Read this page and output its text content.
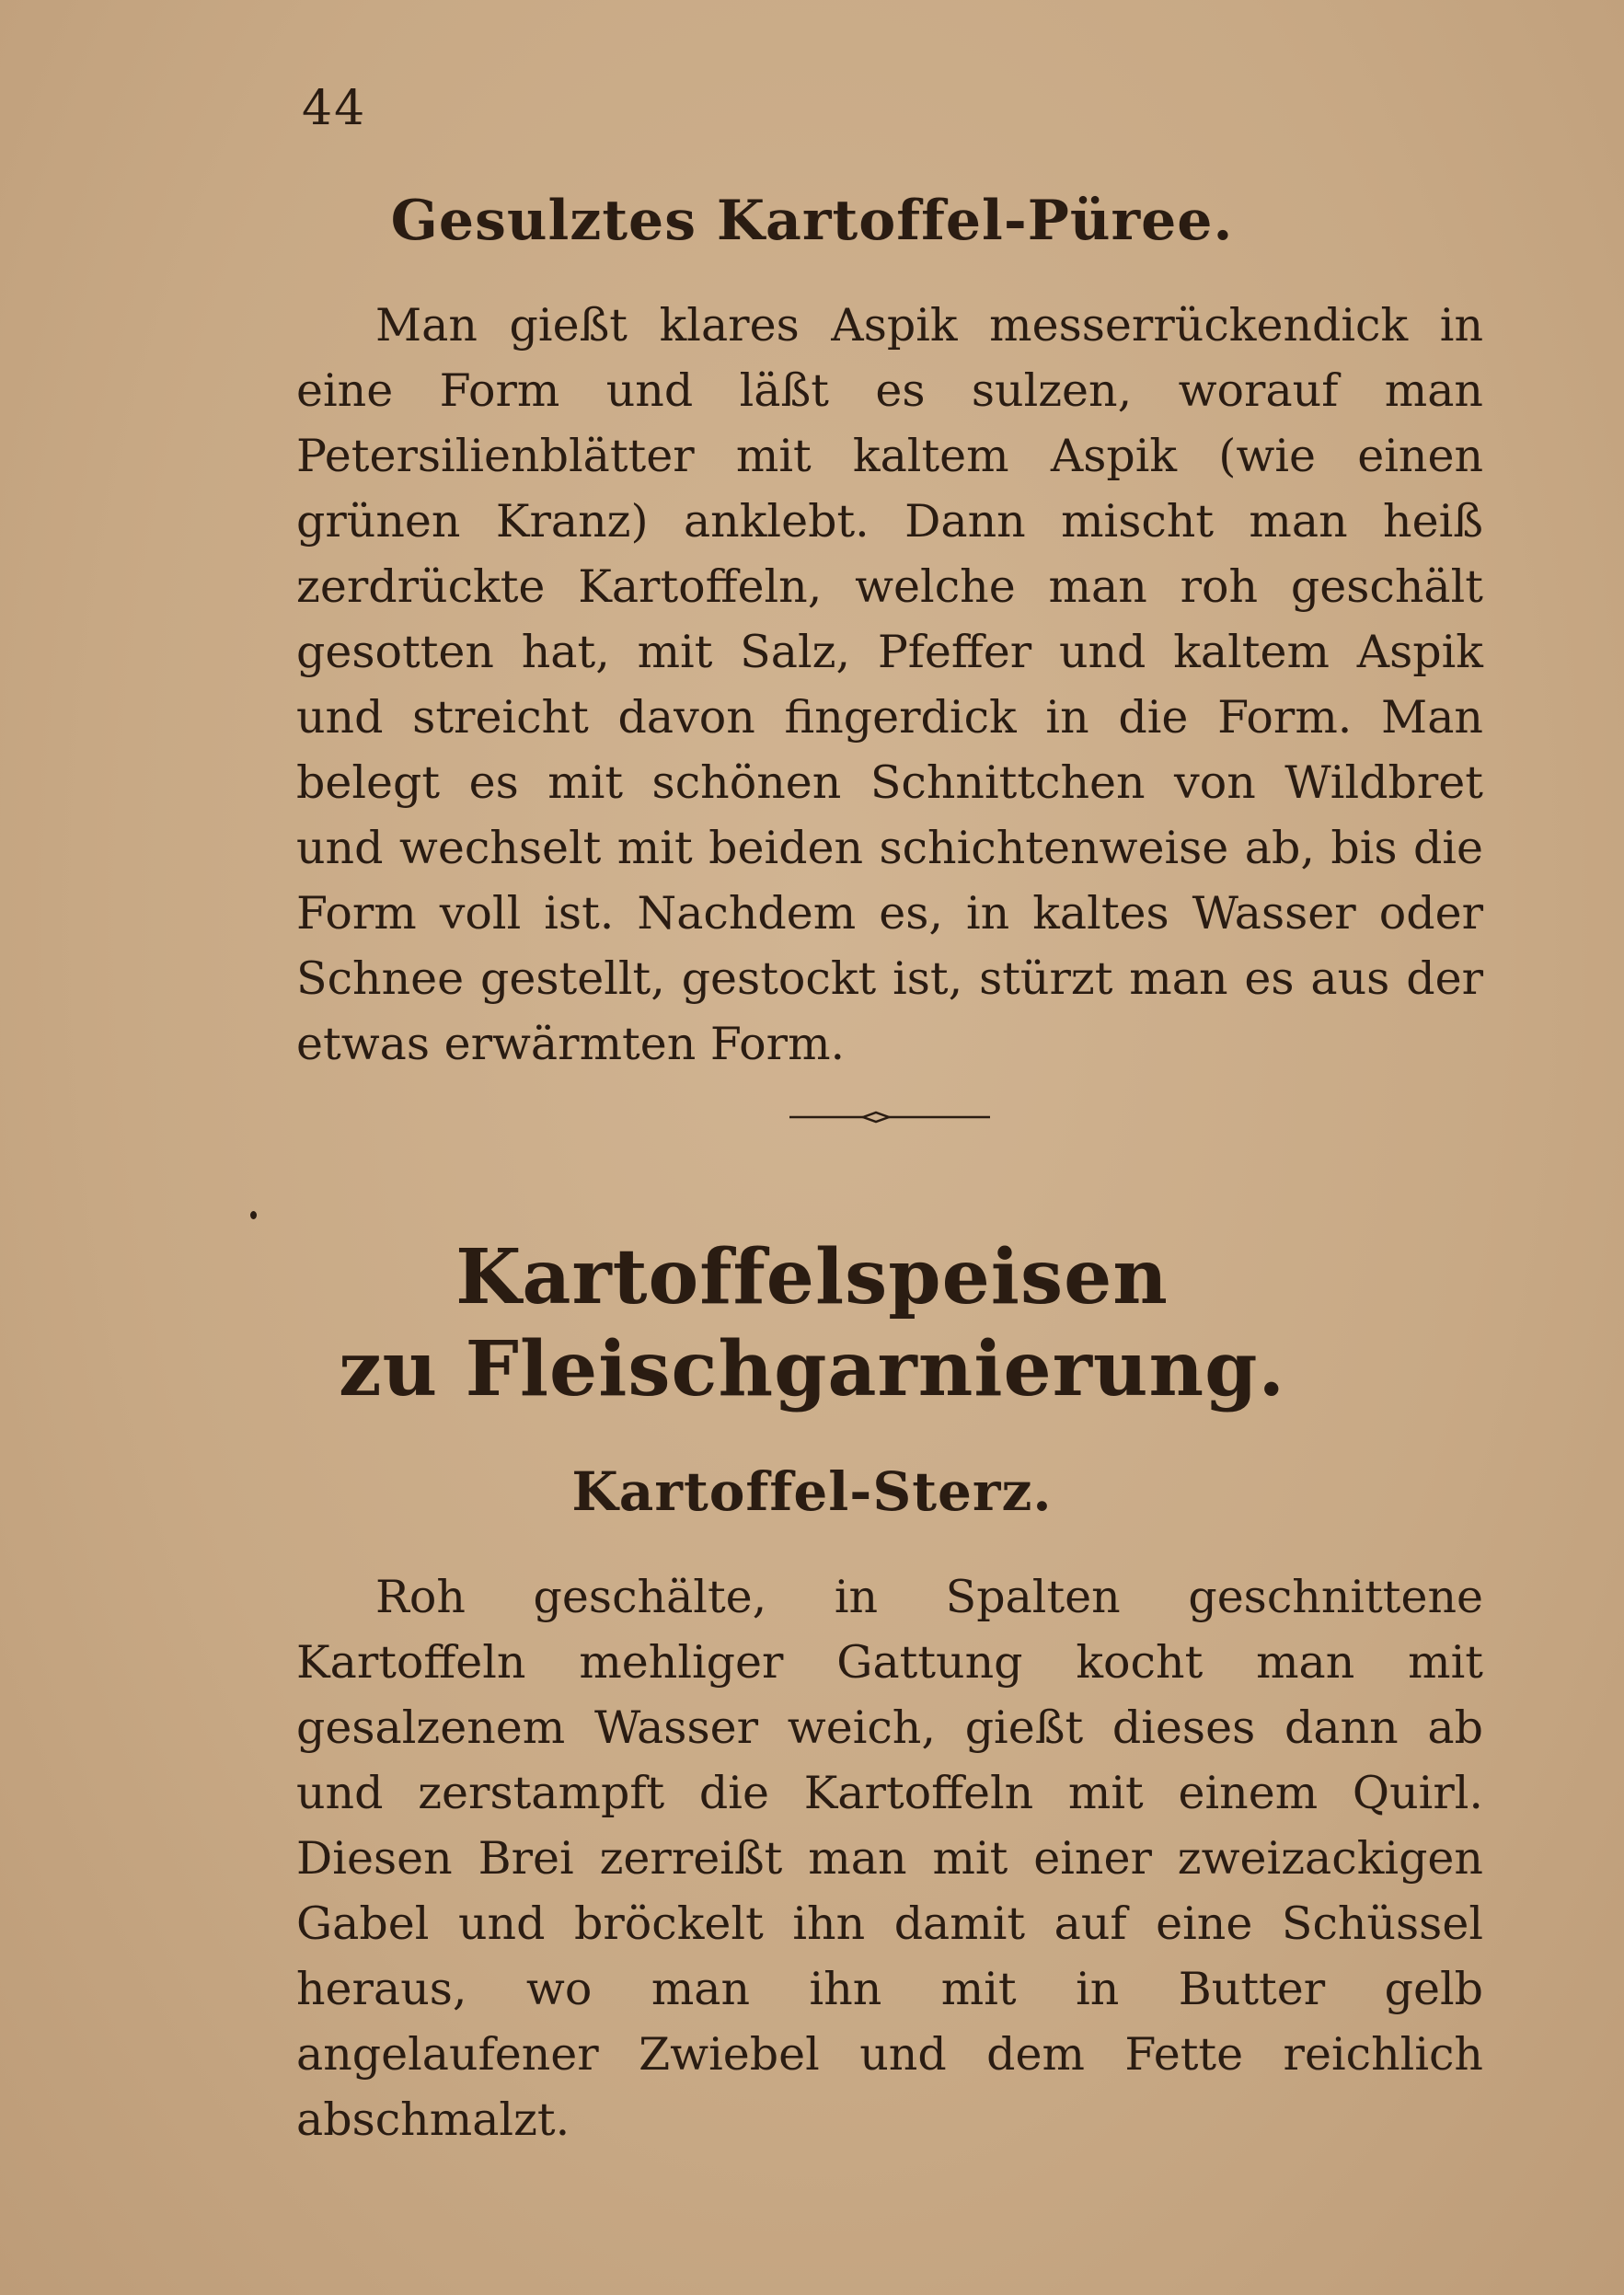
44
Gesulztes Kartoffel-Püree.
Man gießt klares Aspik messerrückendick in eine Form und läßt es sulzen, worauf man Petersilienblätter mit kaltem Aspik (wie einen grünen Kranz) anklebt. Dann mischt man heiß zerdrückte Kartoffeln, welche man roh geschält gesotten hat, mit Salz, Pfeffer und kaltem Aspik und streicht davon fingerdick in die Form. Man belegt es mit schönen Schnittchen von Wildbret und wechselt mit beiden schichtenweise ab, bis die Form voll ist. Nachdem es, in kaltes Wasser oder Schnee gestellt, gestockt ist, stürzt man es aus der etwas erwärmten Form.
Kartoffelspeisen
zu Fleischgarnierung.
Kartoffel-Sterz.
Roh geschälte, in Spalten geschnittene Kartoffeln mehliger Gattung kocht man mit gesalzenem Wasser weich, gießt dieses dann ab und zerstampft die Kartoffeln mit einem Quirl. Diesen Brei zerreißt man mit einer zweizackigen Gabel und bröckelt ihn damit auf eine Schüssel heraus, wo man ihn mit in Butter gelb angelaufener Zwiebel und dem Fette reichlich abschmalzt.
